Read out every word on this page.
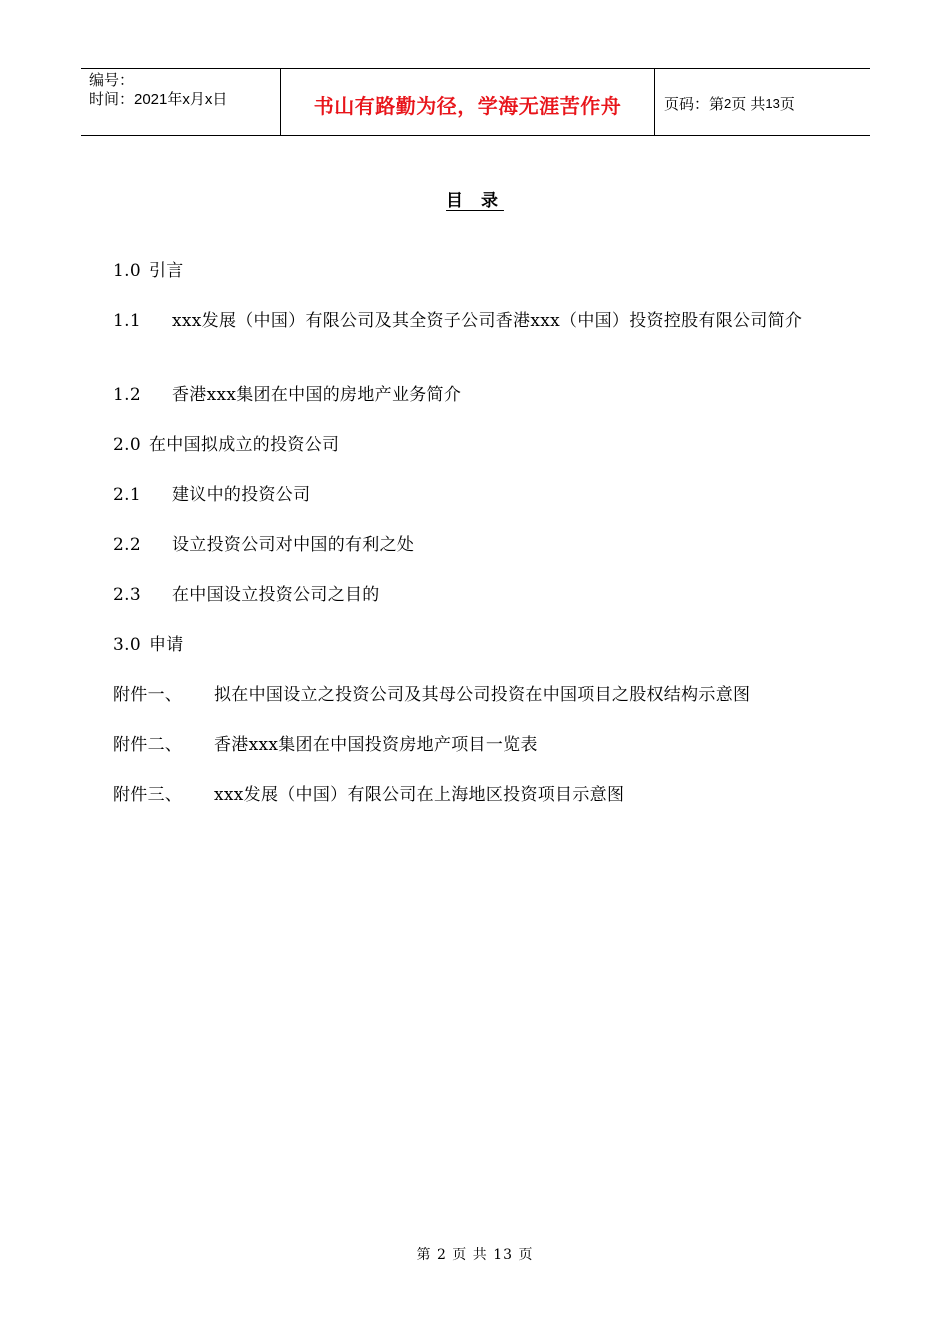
编号：
时间：2021年x月x日	书山有路勤为径，学海无涯苦作舟	页码：第 2 页 共 13 页
目 录
1.0 引言
1.1 xxx发展（中国）有限公司及其全资子公司香港xxx（中国）投资控股有限公司简介
1.2 香港xxx集团在中国的房地产业务简介
2.0 在中国拟成立的投资公司
2.1 建议中的投资公司
2.2 设立投资公司对中国的有利之处
2.3 在中国设立投资公司之目的
3.0 申请
附件一、 拟在中国设立之投资公司及其母公司投资在中国项目之股权结构示意图
附件二、 香港xxx集团在中国投资房地产项目一览表
附件三、 xxx发展（中国）有限公司在上海地区投资项目示意图
第 2 页 共 13 页
